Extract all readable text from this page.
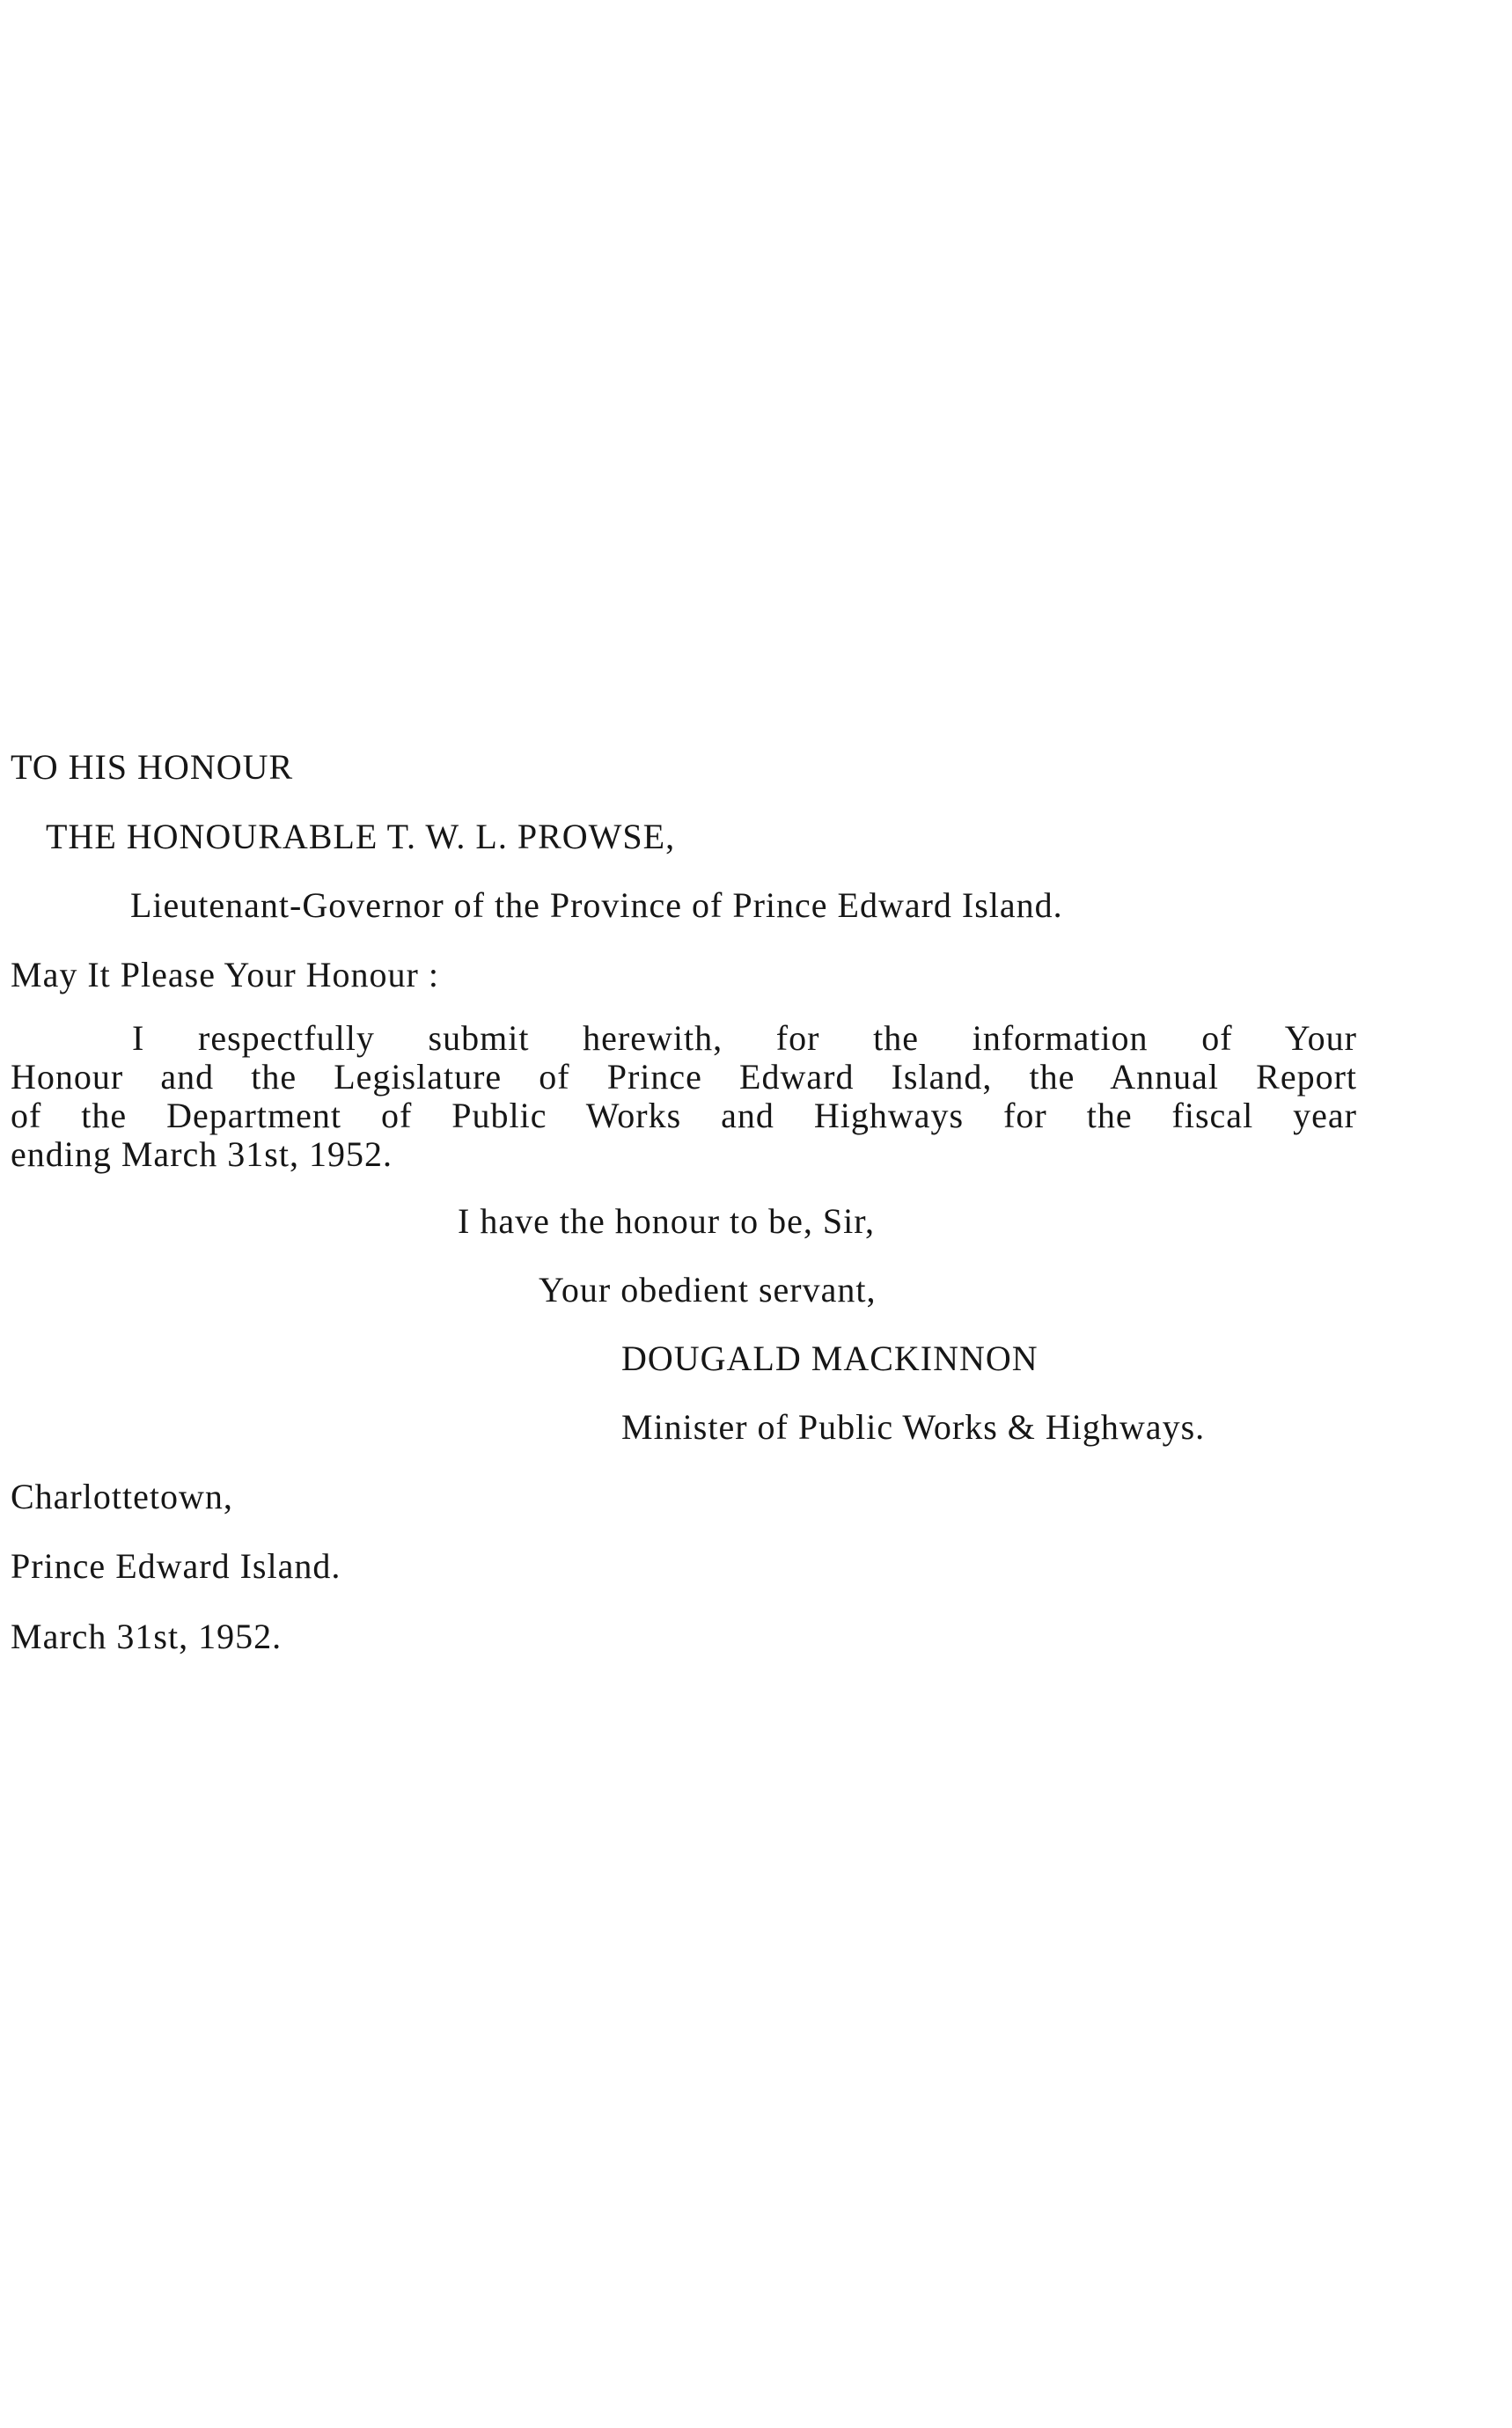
TO HIS HONOUR
THE HONOURABLE T. W. L. PROWSE,
Lieutenant-Governor of the Province of Prince Edward Island.
May It Please Your Honour :

I respectfully submit herewith, for the information of Your
Honour and the Legislature of Prince Edward Island, the Annual Report
of the Department of Public Works and Highways for the fiscal year
ending March 31st, 1952.

I have the honour to be, Sir,
Your obedient servant,
DOUGALD MACKINNON
Minister of Public Works & Highways.
Charlottetown,
Prince Edward Island.
March 31st, 1952.
